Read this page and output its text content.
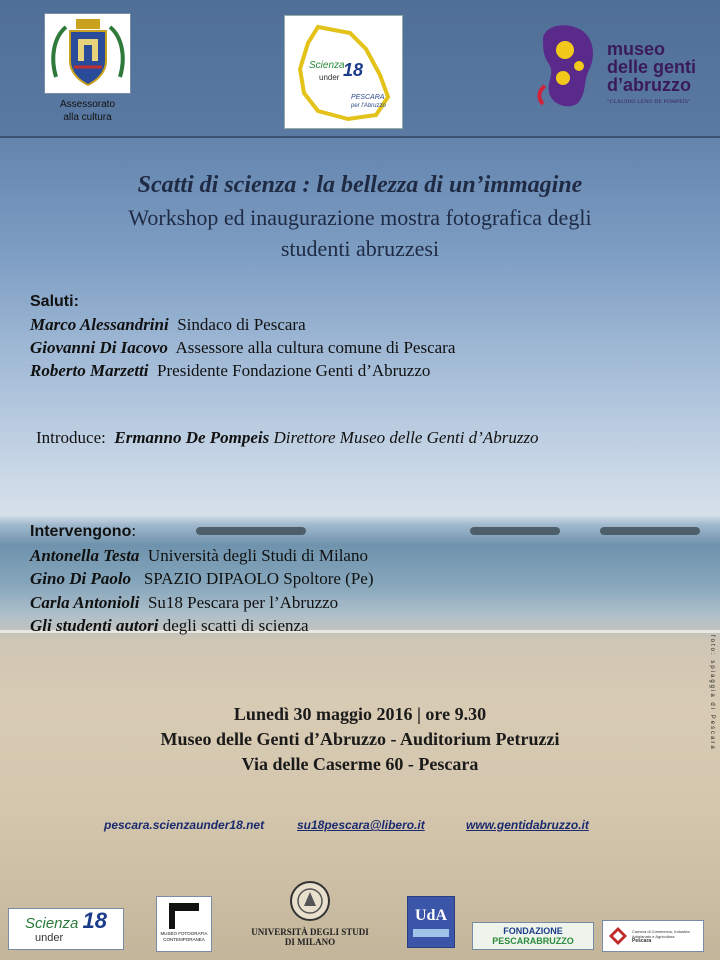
Assessorato
alla cultura
Scienza
under 18
PESCARA
per l'Abruzzo
museo
delle genti
d’abruzzo
"CLAUDIO LENO DE POMPEIS"
Scatti di scienza : la bellezza di un’immagine
Workshop ed inaugurazione mostra fotografica degli
studenti abruzzesi
Saluti:
Marco Alessandrini Sindaco di Pescara
Giovanni Di Iacovo Assessore alla cultura comune di Pescara
Roberto Marzetti Presidente Fondazione Genti d’Abruzzo
Introduce:  Ermanno De Pompeis Direttore Museo delle Genti d’Abruzzo
Intervengono:
Antonella Testa Università degli Studi di Milano
Gino Di Paolo SPAZIO DIPAOLO Spoltore (Pe)
Carla Antonioli Su18 Pescara per l’Abruzzo
Gli studenti autori degli scatti di scienza
Lunedì 30 maggio 2016 | ore 9.30
Museo delle Genti d’Abruzzo - Auditorium Petruzzi
Via delle Caserme 60 - Pescara
pescara.scienzaunder18.net	su18pescara@libero.it	www.gentidabruzzo.it
foto: spiaggia di Pescara
Scienza 18
under	MUSEO FOTOGRAFIA
CONTEMPORANEA
UNIVERSITÀ DEGLI STUDI
DI MILANO
UdA
FONDAZIONE
PESCARABRUZZO
Camera di Commercio, Industria
Artigianato e Agricoltura
Pescara
